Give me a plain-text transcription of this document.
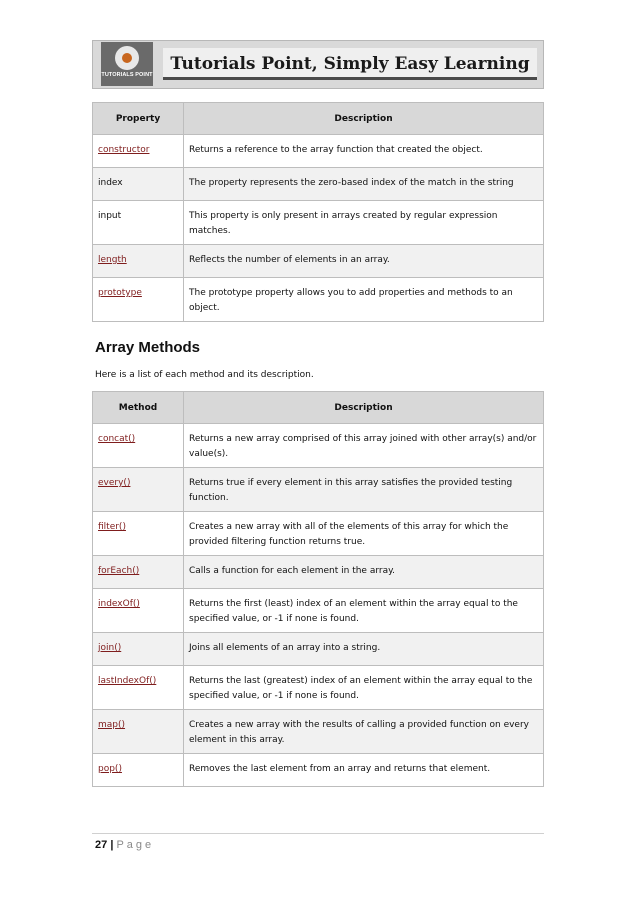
TUTORIALS POINT
Tutorials Point, Simply Easy Learning
Property	Description
constructor	Returns a reference to the array function that created the object.
index	The property represents the zero-based index of the match in the string
input	This property is only present in arrays created by regular expression matches.
length	Reflects the number of elements in an array.
prototype	The prototype property allows you to add properties and methods to an object.
Array Methods
Here is a list of each method and its description.
Method	Description
concat()	Returns a new array comprised of this array joined with other array(s) and/or value(s).
every()	Returns true if every element in this array satisfies the provided testing function.
filter()	Creates a new array with all of the elements of this array for which the provided filtering function returns true.
forEach()	Calls a function for each element in the array.
indexOf()	Returns the first (least) index of an element within the array equal to the specified value, or -1 if none is found.
join()	Joins all elements of an array into a string.
lastIndexOf()	Returns the last (greatest) index of an element within the array equal to the specified value, or -1 if none is found.
map()	Creates a new array with the results of calling a provided function on every element in this array.
pop()	Removes the last element from an array and returns that element.
27 | Page
